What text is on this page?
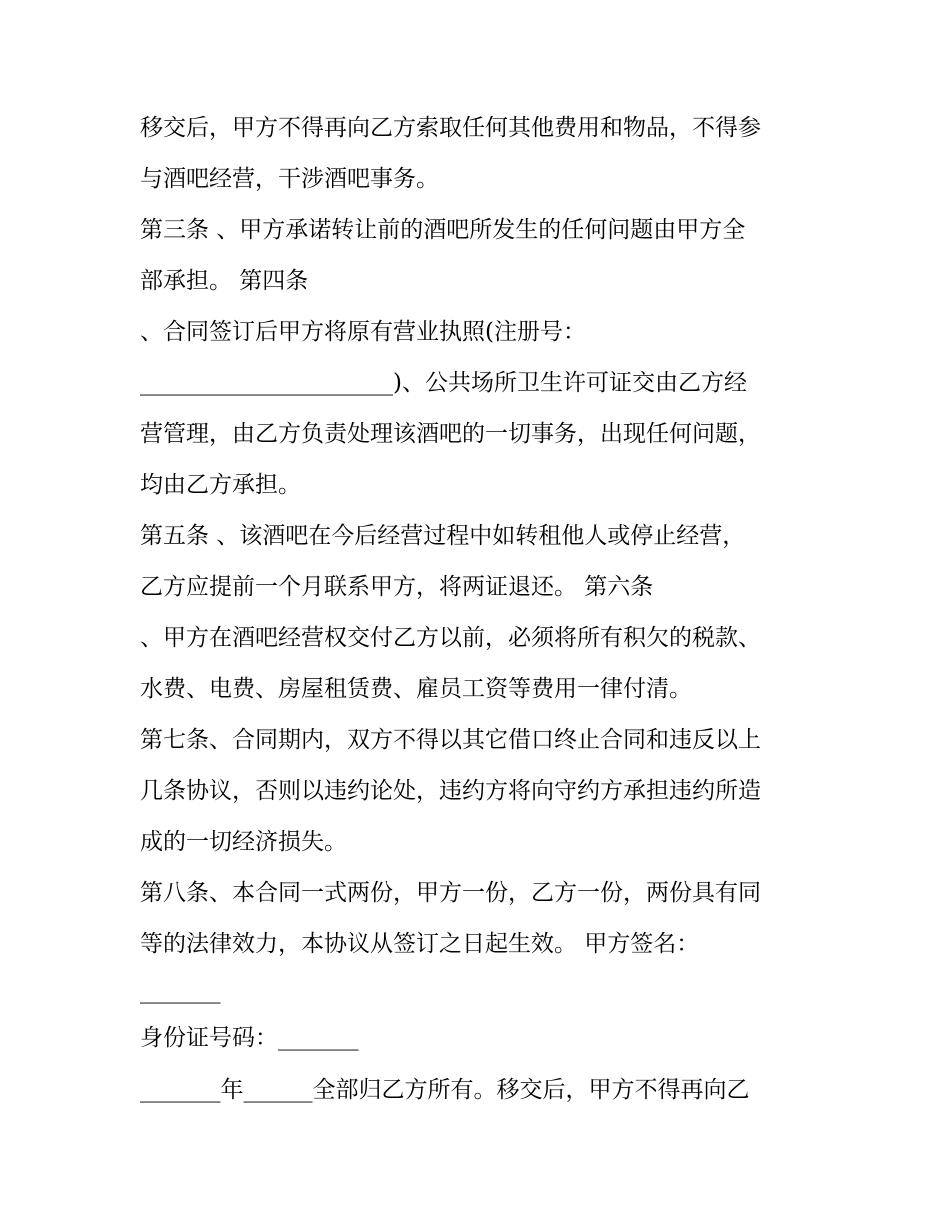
移交后，甲方不得再向乙方索取任何其他费用和物品，不得参
与酒吧经营，干涉酒吧事务。
第三条 、甲方承诺转让前的酒吧所发生的任何问题由甲方全
部承担。 第四条
、合同签订后甲方将原有营业执照(注册号：
______________________)、公共场所卫生许可证交由乙方经
营管理，由乙方负责处理该酒吧的一切事务，出现任何问题，
均由乙方承担。
第五条 、该酒吧在今后经营过程中如转租他人或停止经营，
乙方应提前一个月联系甲方，将两证退还。 第六条
、甲方在酒吧经营权交付乙方以前，必须将所有积欠的税款、
水费、电费、房屋租赁费、雇员工资等费用一律付清。
第七条、合同期内，双方不得以其它借口终止合同和违反以上
几条协议，否则以违约论处，违约方将向守约方承担违约所造
成的一切经济损失。
第八条、本合同一式两份，甲方一份，乙方一份，两份具有同
等的法律效力，本协议从签订之日起生效。 甲方签名：
_______
身份证号码：_______
_______年______全部归乙方所有。移交后，甲方不得再向乙
